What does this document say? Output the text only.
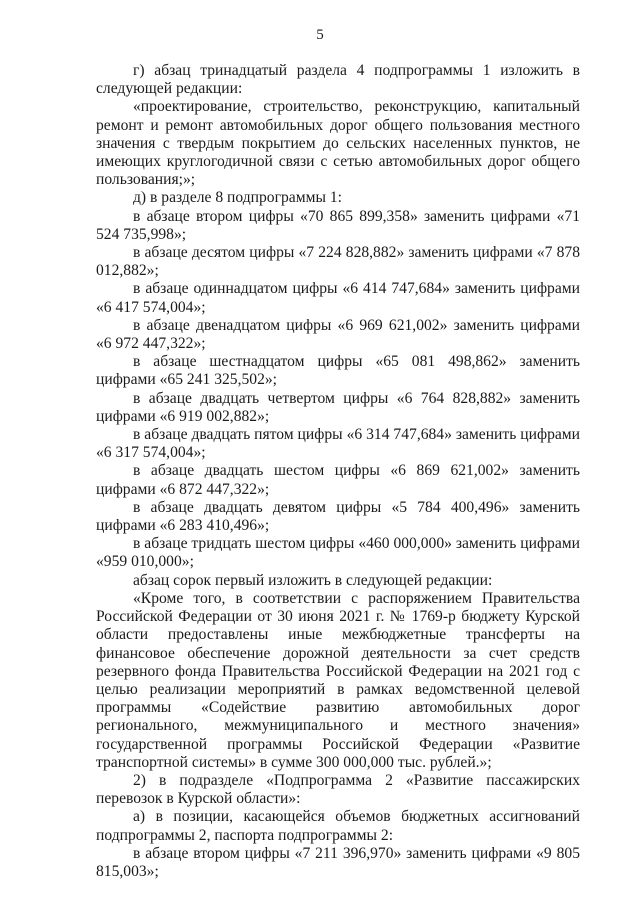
5

г) абзац тринадцатый раздела 4 подпрограммы 1 изложить в следующей редакции:

«проектирование, строительство, реконструкцию, капитальный ремонт и ремонт автомобильных дорог общего пользования местного значения с твердым покрытием до сельских населенных пунктов, не имеющих круглогодичной связи с сетью автомобильных дорог общего пользования;»;

д) в разделе 8 подпрограммы 1:

в абзаце втором цифры «70 865 899,358» заменить цифрами «71 524 735,998»;

в абзаце десятом цифры «7 224 828,882» заменить цифрами «7 878 012,882»;

в абзаце одиннадцатом цифры «6 414 747,684» заменить цифрами «6 417 574,004»;

в абзаце двенадцатом цифры «6 969 621,002» заменить цифрами «6 972 447,322»;

в абзаце шестнадцатом цифры «65 081 498,862» заменить цифрами «65 241 325,502»;

в абзаце двадцать четвертом цифры «6 764 828,882» заменить цифрами «6 919 002,882»;

в абзаце двадцать пятом цифры «6 314 747,684» заменить цифрами «6 317 574,004»;

в абзаце двадцать шестом цифры «6 869 621,002» заменить цифрами «6 872 447,322»;

в абзаце двадцать девятом цифры «5 784 400,496» заменить цифрами «6 283 410,496»;

в абзаце тридцать шестом цифры «460 000,000» заменить цифрами «959 010,000»;

абзац сорок первый изложить в следующей редакции:

«Кроме того, в соответствии с распоряжением Правительства Российской Федерации от 30 июня 2021 г. № 1769-р бюджету Курской области предоставлены иные межбюджетные трансферты на финансовое обеспечение дорожной деятельности за счет средств резервного фонда Правительства Российской Федерации на 2021 год с целью реализации мероприятий в рамках ведомственной целевой программы «Содействие развитию автомобильных дорог регионального, межмуниципального и местного значения» государственной программы Российской Федерации «Развитие транспортной системы» в сумме 300 000,000 тыс. рублей.»;

2) в подразделе «Подпрограмма 2 «Развитие пассажирских перевозок в Курской области»:

а) в позиции, касающейся объемов бюджетных ассигнований подпрограммы 2, паспорта подпрограммы 2:

в абзаце втором цифры «7 211 396,970» заменить цифрами «9 805 815,003»;
